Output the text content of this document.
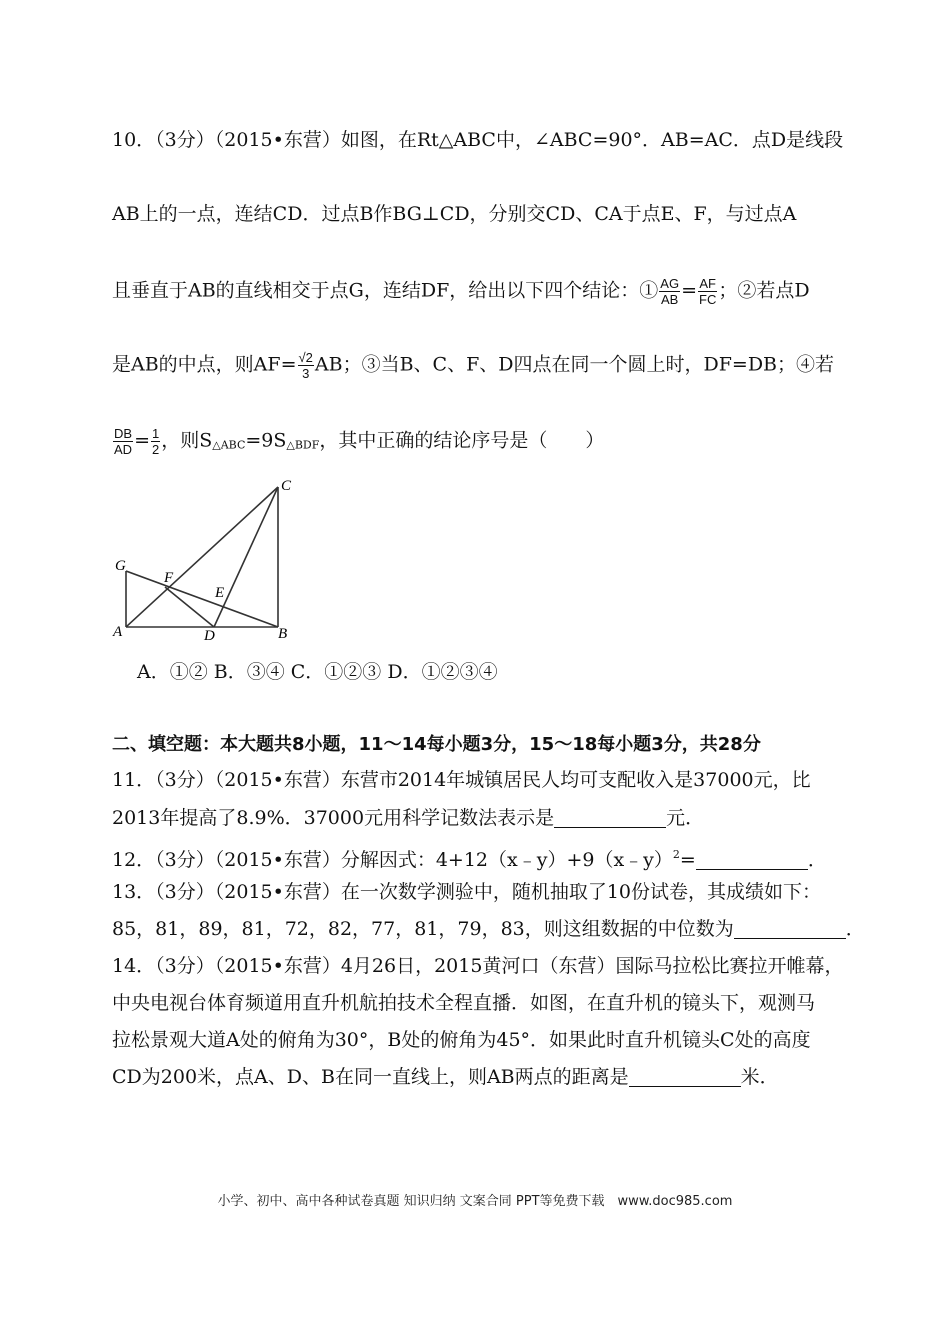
10．（3分）（2015•东营）如图，在Rt△ABC中，∠ABC=90°．AB=AC．点D是线段
AB上的一点，连结CD．过点B作BG⊥CD，分别交CD、CA于点E、F，与过点A
且垂直于AB的直线相交于点G，连结DF，给出以下四个结论：① $\frac{AG}{AB} = \frac{AF}{FC}$ ；②若点D
是AB的中点，则$AF= \frac{√2}{3}$ AB；③当B、C、F、D四点在同一个圆上时，DF=DB；④若
$\frac{DB}{AD} = \frac{1}{2}$ ，则S△ABC=9S△BDF，其中正确的结论序号是（　　）
C
G
F
E
A	D	B
A．①② B．③④ C．①②③ D．①②③④
二、填空题：本大题共8小题，11～14每小题3分，15～18每小题3分，共28分
11．（3分）（2015•东营）东营市2014年城镇居民人均可支配收入是37000元，比
2013年提高了8.9%．37000元用科学记数法表示是	元．
12．（3分）（2015•东营）分解因式：4+12（x﹣y）+9（x﹣y）$^2$=	．
13．（3分）（2015•东营）在一次数学测验中，随机抽取了10份试卷，其成绩如下：
85，81，89，81，72，82，77，81，79，83，则这组数据的中位数为	．
14．（3分）（2015•东营）4月26日，2015黄河口（东营）国际马拉松比赛拉开帷幕，
中央电视台体育频道用直升机航拍技术全程直播．如图，在直升机的镜头下，观测马
拉松景观大道A处的俯角为30°，B处的俯角为45°．如果此时直升机镜头C处的高度
CD为200米，点A、D、B在同一直线上，则AB两点的距离是	米．
小学、初中、高中各种试卷真题 知识归纳 文案合同 PPT等免费下载　www.doc985.com
